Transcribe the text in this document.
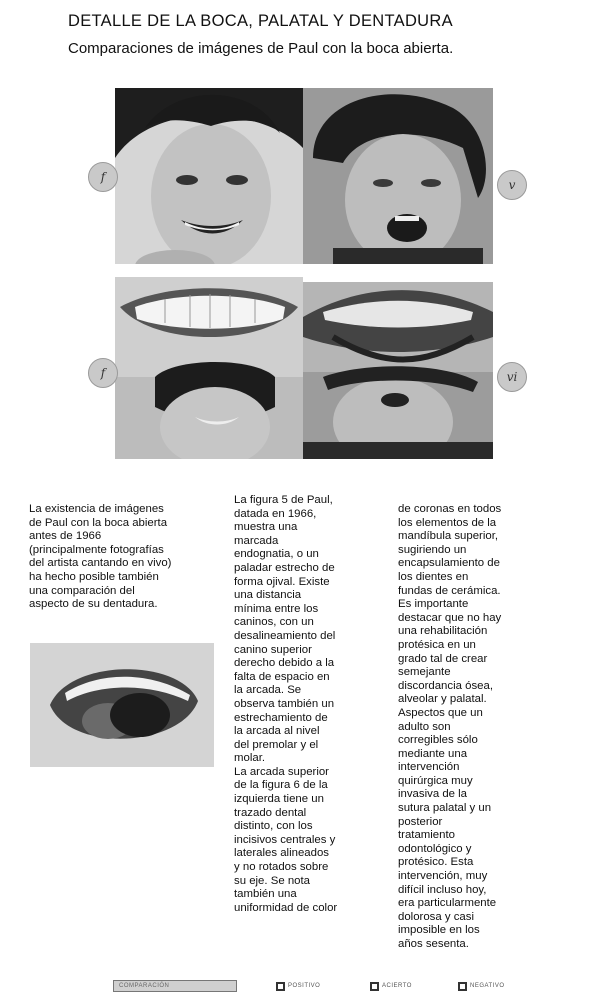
DETALLE DE LA BOCA, PALATAL Y DENTADURA
Comparaciones de imágenes de Paul con la boca abierta.
f
v
f	vi
La existencia de imágenes
de Paul con la boca abierta
antes de 1966
(principalmente fotografías
del artista cantando en vivo)
ha hecho posible también
una comparación del
aspecto de su dentadura.
La figura 5 de Paul,
datada en 1966,
muestra una
marcada
endognatia, o un
paladar estrecho de
forma ojival. Existe
una distancia
mínima entre los
caninos, con un
desalineamiento del
canino superior
derecho debido a la
falta de espacio en
la arcada. Se
observa también un
estrechamiento de
la arcada al nivel
del premolar y el
molar.
La arcada superior
de la figura 6 de la
izquierda tiene un
trazado dental
distinto, con los
incisivos centrales y
laterales alineados
y no rotados sobre
su eje. Se nota
también una
uniformidad de color
de coronas en todos
los elementos de la
mandíbula superior,
sugiriendo un
encapsulamiento de
los dientes en
fundas de cerámica.
Es importante
destacar que no hay
una rehabilitación
protésica en un
grado tal de crear
semejante
discordancia ósea,
alveolar y palatal.
Aspectos que un
adulto son
corregibles sólo
mediante una
intervención
quirúrgica muy
invasiva de la
sutura palatal y un
posterior
tratamiento
odontológico y
protésico. Esta
intervención, muy
difícil incluso hoy,
era particularmente
dolorosa y casi
imposible en los
años sesenta.
COMPARACIÓN	POSITIVO	ACIERTO	NEGATIVO
